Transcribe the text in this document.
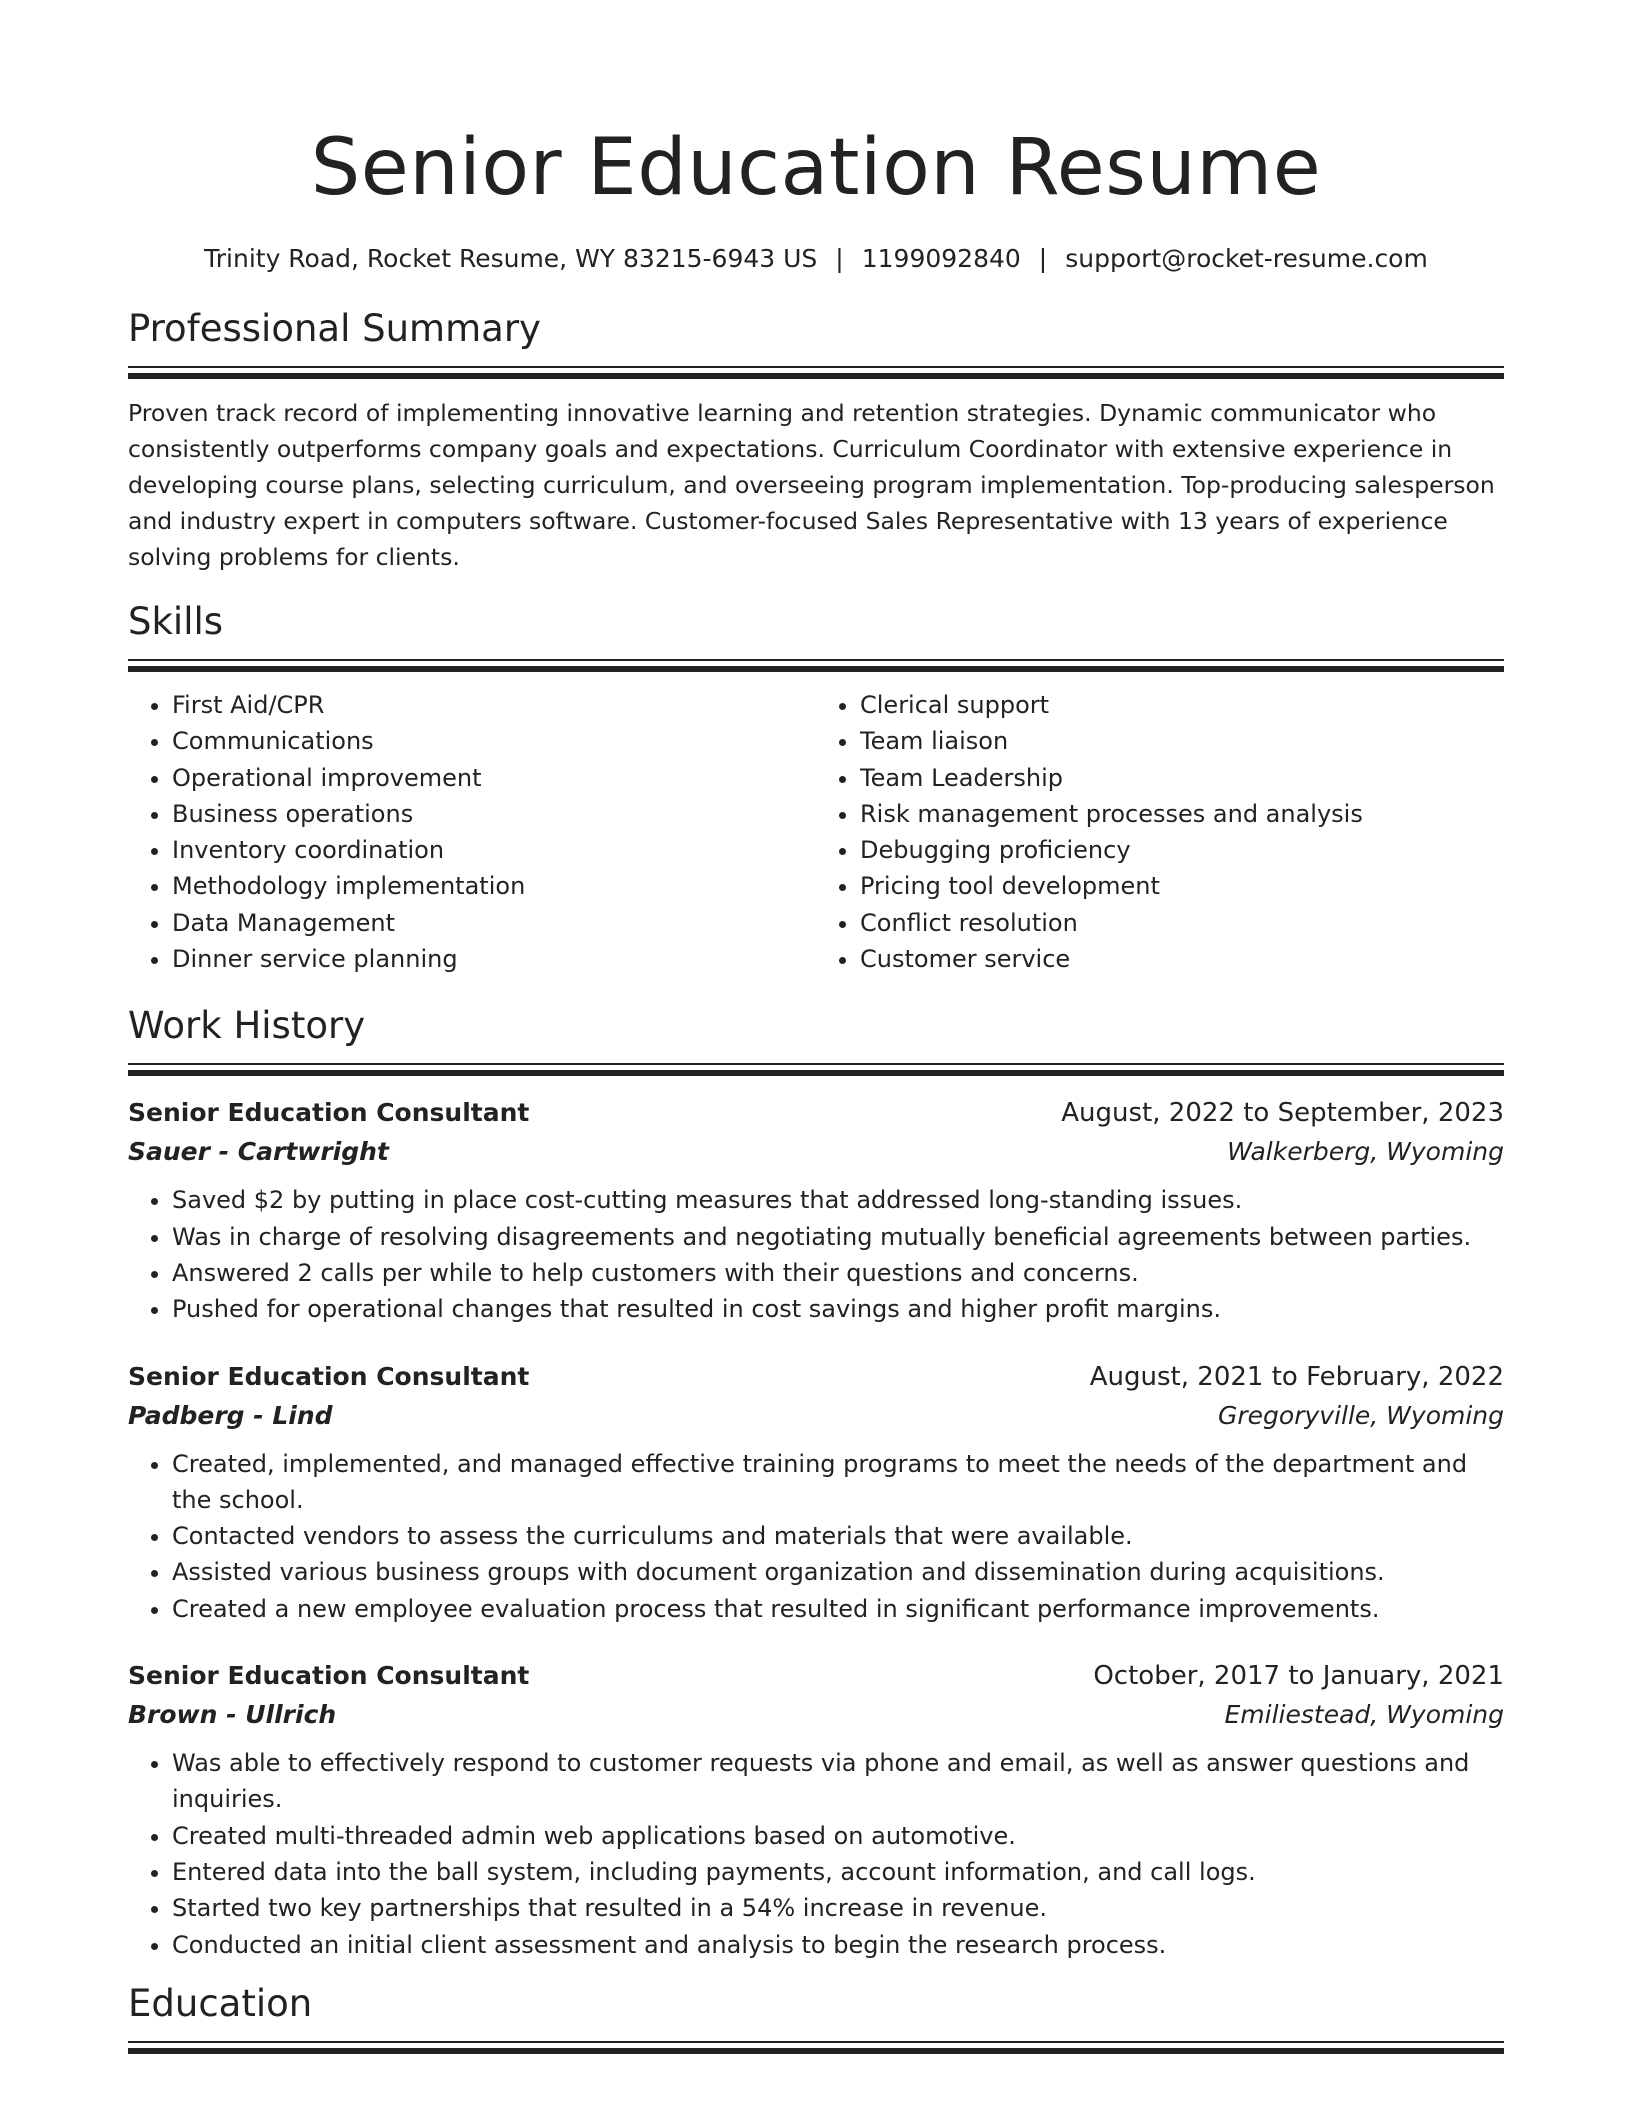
Senior Education Resume
Trinity Road, Rocket Resume, WY 83215-6943 US | 1199092840 | support@rocket-resume.com
Professional Summary

Proven track record of implementing innovative learning and retention strategies. Dynamic communicator who consistently outperforms company goals and expectations. Curriculum Coordinator with extensive experience in developing course plans, selecting curriculum, and overseeing program implementation. Top-producing salesperson and industry expert in computers software. Customer-focused Sales Representative with 13 years of experience solving problems for clients.

Skills
• First Aid/CPR
• Communications
• Operational improvement
• Business operations
• Inventory coordination
• Methodology implementation
• Data Management
• Dinner service planning
• Clerical support
• Team liaison
• Team Leadership
• Risk management processes and analysis
• Debugging proficiency
• Pricing tool development
• Conflict resolution
• Customer service
Work History
Senior Education Consultant	August, 2022 to September, 2023
Sauer - Cartwright	Walkerberg, Wyoming
• Saved $2 by putting in place cost-cutting measures that addressed long-standing issues.
• Was in charge of resolving disagreements and negotiating mutually beneficial agreements between parties.
• Answered 2 calls per while to help customers with their questions and concerns.
• Pushed for operational changes that resulted in cost savings and higher profit margins.
Senior Education Consultant	August, 2021 to February, 2022
Padberg - Lind	Gregoryville, Wyoming
• Created, implemented, and managed effective training programs to meet the needs of the department and the school.
• Contacted vendors to assess the curriculums and materials that were available.
• Assisted various business groups with document organization and dissemination during acquisitions.
• Created a new employee evaluation process that resulted in significant performance improvements.
Senior Education Consultant	October, 2017 to January, 2021
Brown - Ullrich	Emiliestead, Wyoming
• Was able to effectively respond to customer requests via phone and email, as well as answer questions and inquiries.
• Created multi-threaded admin web applications based on automotive.
• Entered data into the ball system, including payments, account information, and call logs.
• Started two key partnerships that resulted in a 54% increase in revenue.
• Conducted an initial client assessment and analysis to begin the research process.
Education
